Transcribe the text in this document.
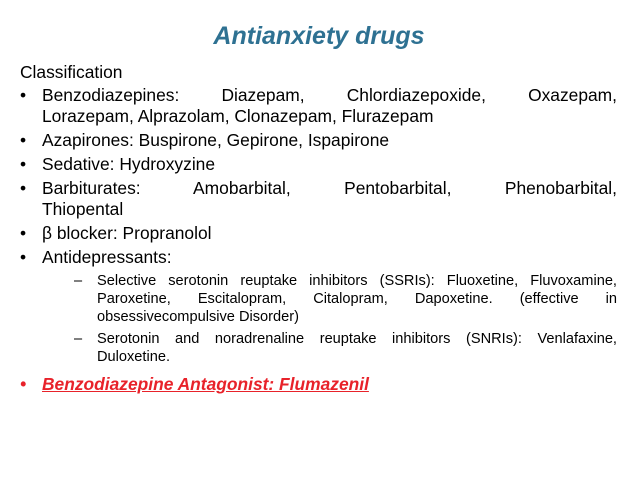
Antianxiety drugs
Classification
• Benzodiazepines: Diazepam, Chlordiazepoxide, Oxazepam,
Lorazepam, Alprazolam, Clonazepam, Flurazepam
• Azapirones: Buspirone, Gepirone, Ispapirone
• Sedative: Hydroxyzine
• Barbiturates: Amobarbital, Pentobarbital, Phenobarbital,
Thiopental
• β blocker: Propranolol
• Antidepressants:
– Selective serotonin reuptake inhibitors (SSRIs): Fluoxetine, Fluvoxamine, Paroxetine, Escitalopram, Citalopram, Dapoxetine. (effective in obsessivecompulsive Disorder)
– Serotonin and noradrenaline reuptake inhibitors (SNRIs): Venlafaxine, Duloxetine.
• Benzodiazepine Antagonist: Flumazenil
